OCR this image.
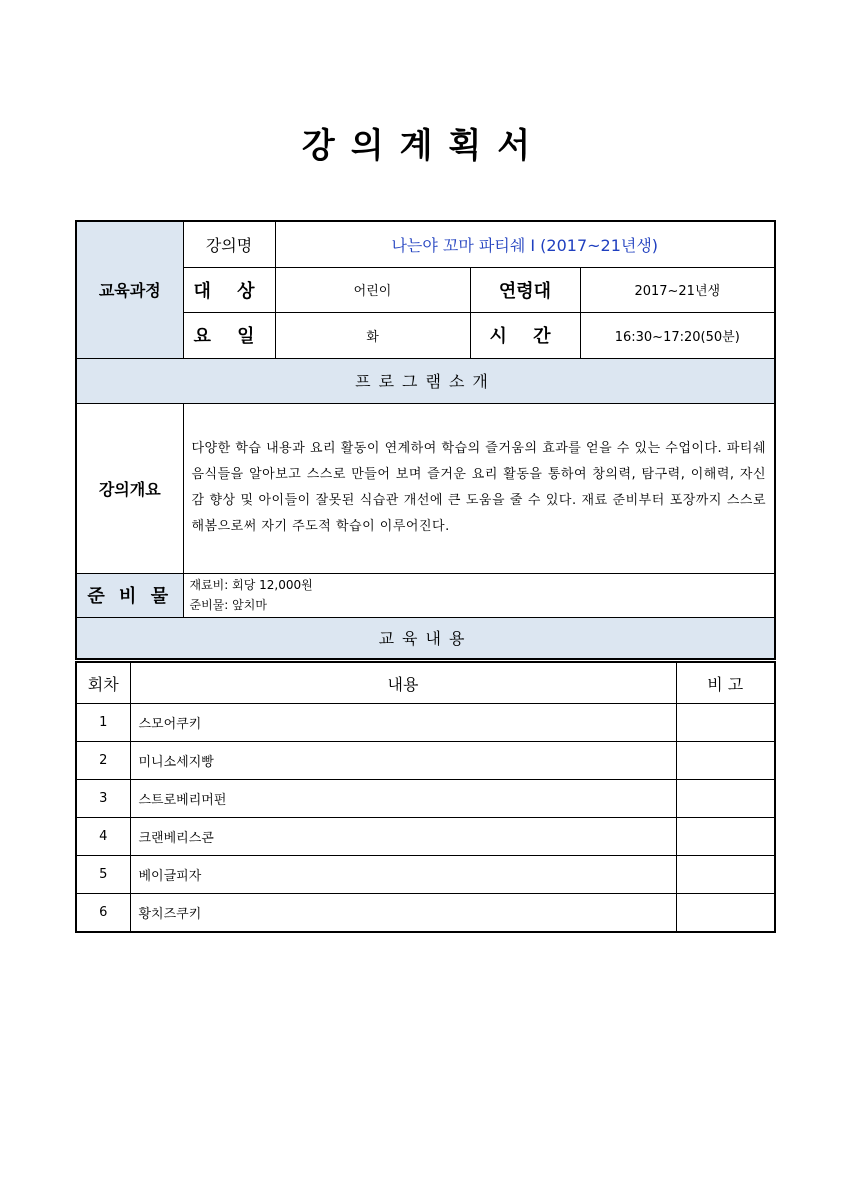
강의계획서
교육과정	강의명	나는야 꼬마 파티쉐 I (2017~21년생)		
	대 상	어린이	연령대	2017~21년생
	요 일	화	시 간	16:30~17:20(50분)
프로그램소개				
강의개요	다양한 학습 내용과 요리 활동이 연계하여 학습의 즐거움의 효과를 얻을 수 있는 수업이다. 파티쉐 음식들을 알아보고 스스로 만들어 보며 즐거운 요리 활동을 통하여 창의력, 탐구력, 이해력, 자신감 향상 및 아이들이 잘못된 식습관 개선에 큰 도움을 줄 수 있다. 재료 준비부터 포장까지 스스로 해봄으로써 자기 주도적 학습이 이루어진다.			
준 비 물	재료비: 회당 12,000원
준비물: 앞치마			

교육내용				
회차	내용	비 고
1	스모어쿠키	
2	미니소세지빵	
3	스트로베리머펀	
4	크랜베리스콘	
5	베이글피자	
6	황치즈쿠키	
